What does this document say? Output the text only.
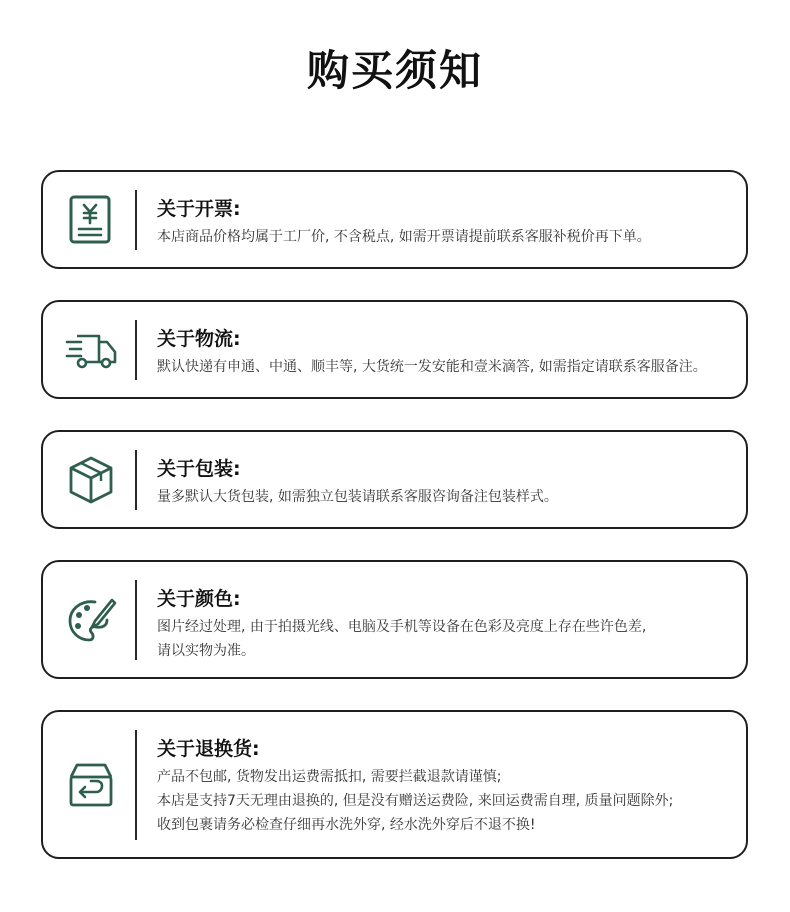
购买须知
关于开票:
本店商品价格均属于工厂价, 不含税点, 如需开票请提前联系客服补税价再下单。
关于物流:
默认快递有申通、中通、顺丰等, 大货统一发安能和壹米滴答, 如需指定请联系客服备注。
关于包装:
量多默认大货包装, 如需独立包装请联系客服咨询备注包装样式。
关于颜色:
图片经过处理, 由于拍摄光线、电脑及手机等设备在色彩及亮度上存在些许色差,
请以实物为准。
关于退换货:
产品不包邮, 货物发出运费需抵扣, 需要拦截退款请谨慎;
本店是支持7天无理由退换的, 但是没有赠送运费险, 来回运费需自理, 质量问题除外;
收到包裹请务必检查仔细再水洗外穿, 经水洗外穿后不退不换!
